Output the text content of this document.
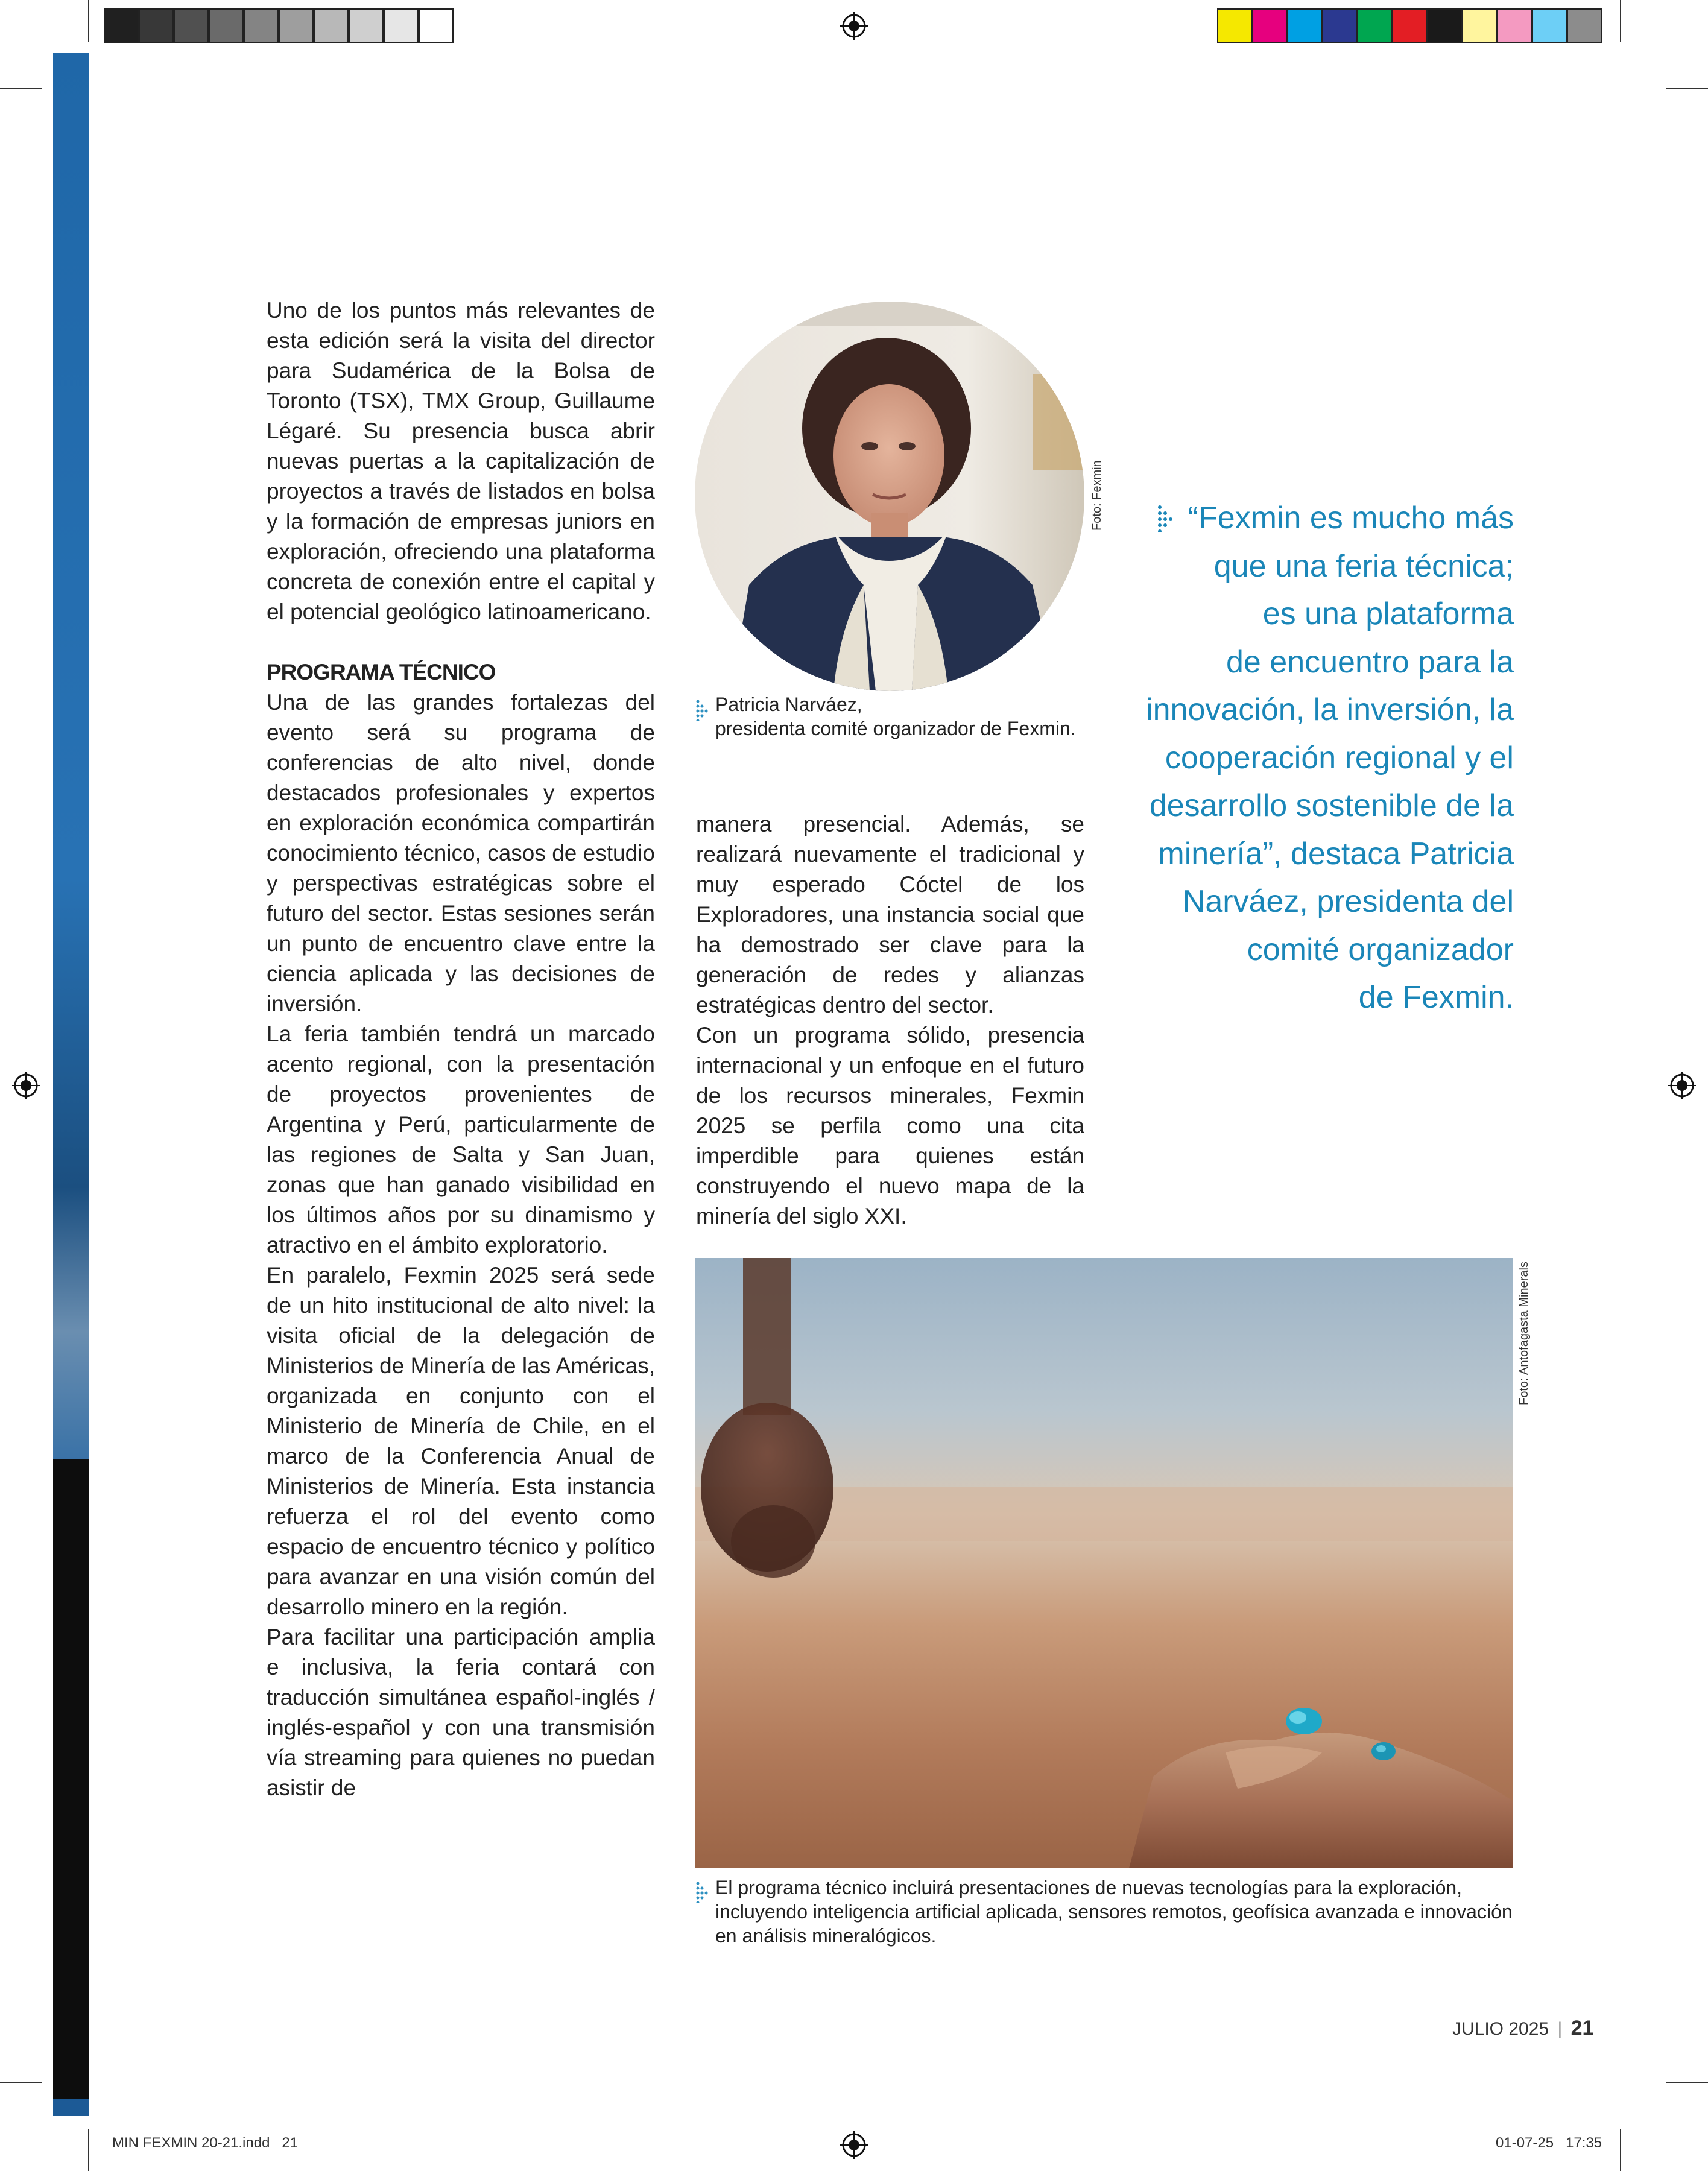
Uno de los puntos más relevantes de esta edición será la visita del director para Sudamérica de la Bolsa de Toronto (TSX), TMX Group, Guillaume Légaré. Su presencia busca abrir nuevas puertas a la capitalización de proyectos a través de listados en bolsa y la formación de empresas juniors en exploración, ofreciendo una plataforma concreta de conexión entre el capital y el potencial geológico latinoamericano.

PROGRAMA TÉCNICO

Una de las grandes fortalezas del evento será su programa de conferencias de alto nivel, donde destacados profesionales y expertos en exploración económica compartirán conocimiento técnico, casos de estudio y perspectivas estratégicas sobre el futuro del sector. Estas sesiones serán un punto de encuentro clave entre la ciencia aplicada y las decisiones de inversión.

La feria también tendrá un marcado acento regional, con la presentación de proyectos provenientes de Argentina y Perú, particularmente de las regiones de Salta y San Juan, zonas que han ganado visibilidad en los últimos años por su dinamismo y atractivo en el ámbito exploratorio.

En paralelo, Fexmin 2025 será sede de un hito institucional de alto nivel: la visita oficial de la delegación de Ministerios de Minería de las Américas, organizada en conjunto con el Ministerio de Minería de Chile, en el marco de la Conferencia Anual de Ministerios de Minería. Esta instancia refuerza el rol del evento como espacio de encuentro técnico y político para avanzar en una visión común del desarrollo minero en la región.

Para facilitar una participación amplia e inclusiva, la feria contará con traducción simultánea español-inglés / inglés-español y con una transmisión vía streaming para quienes no puedan asistir de

Foto: Fexmin
Patricia Narváez,
presidenta comité organizador de Fexmin.

manera presencial. Además, se realizará nuevamente el tradicional y muy esperado Cóctel de los Exploradores, una instancia social que ha demostrado ser clave para la generación de redes y alianzas estratégicas dentro del sector.

Con un programa sólido, presencia internacional y un enfoque en el futuro de los recursos minerales, Fexmin 2025 se perfila como una cita imperdible para quienes están construyendo el nuevo mapa de la minería del siglo XXI.

“Fexmin es mucho más
que una feria técnica;
es una plataforma
de encuentro para la
innovación, la inversión, la
cooperación regional y el
desarrollo sostenible de la
minería”, destaca Patricia
Narváez, presidenta del
comité organizador
de Fexmin.
Foto: Antofagasta Minerals
El programa técnico incluirá presentaciones de nuevas tecnologías para la exploración,
incluyendo inteligencia artificial aplicada, sensores remotos, geofísica avanzada e innovación
en análisis mineralógicos.
JULIO 2025 | 21
MIN FEXMIN 20-21.indd   21	01-07-25   17:35
